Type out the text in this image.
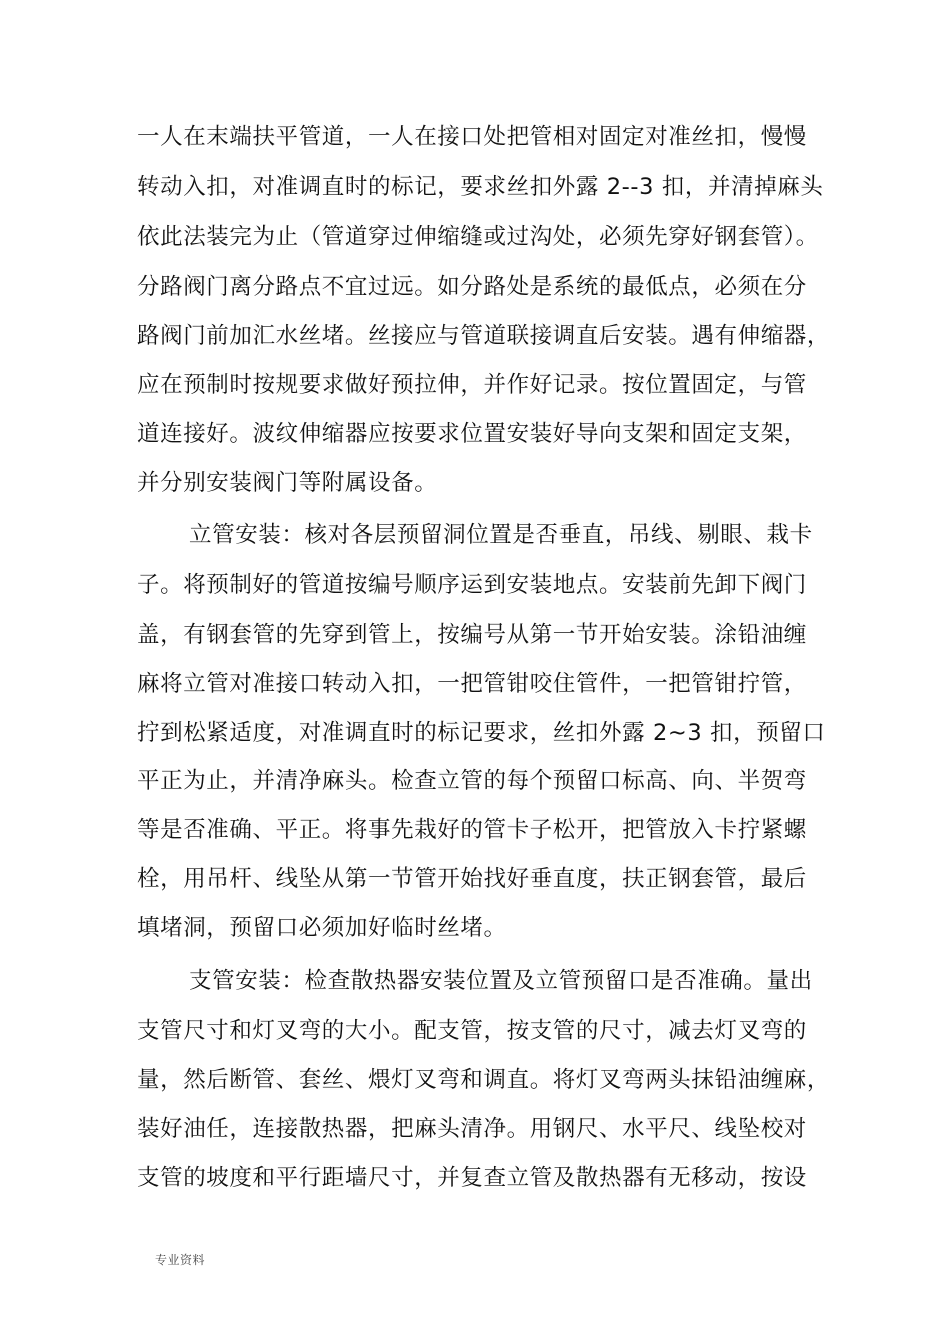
一人在末端扶平管道，一人在接口处把管相对固定对准丝扣，慢慢
转动入扣，对准调直时的标记，要求丝扣外露 2--3 扣，并清掉麻头
依此法装完为止（管道穿过伸缩缝或过沟处，必须先穿好钢套管）。
分路阀门离分路点不宜过远。如分路处是系统的最低点，必须在分
路阀门前加汇水丝堵。丝接应与管道联接调直后安装。遇有伸缩器，
应在预制时按规要求做好预拉伸，并作好记录。按位置固定，与管
道连接好。波纹伸缩器应按要求位置安装好导向支架和固定支架，
并分别安装阀门等附属设备。
立管安装：核对各层预留洞位置是否垂直，吊线、剔眼、栽卡
子。将预制好的管道按编号顺序运到安装地点。安装前先卸下阀门
盖，有钢套管的先穿到管上，按编号从第一节开始安装。涂铅油缠
麻将立管对准接口转动入扣，一把管钳咬住管件，一把管钳拧管，
拧到松紧适度，对准调直时的标记要求，丝扣外露 2~3 扣，预留口
平正为止，并清净麻头。检查立管的每个预留口标高、向、半贺弯
等是否准确、平正。将事先栽好的管卡子松开，把管放入卡拧紧螺
栓，用吊杆、线坠从第一节管开始找好垂直度，扶正钢套管，最后
填堵洞，预留口必须加好临时丝堵。
支管安装：检查散热器安装位置及立管预留口是否准确。量出
支管尺寸和灯叉弯的大小。配支管，按支管的尺寸，减去灯叉弯的
量，然后断管、套丝、煨灯叉弯和调直。将灯叉弯两头抹铅油缠麻，
装好油任，连接散热器，把麻头清净。用钢尺、水平尺、线坠校对
支管的坡度和平行距墙尺寸，并复查立管及散热器有无移动，按设
专业资料
